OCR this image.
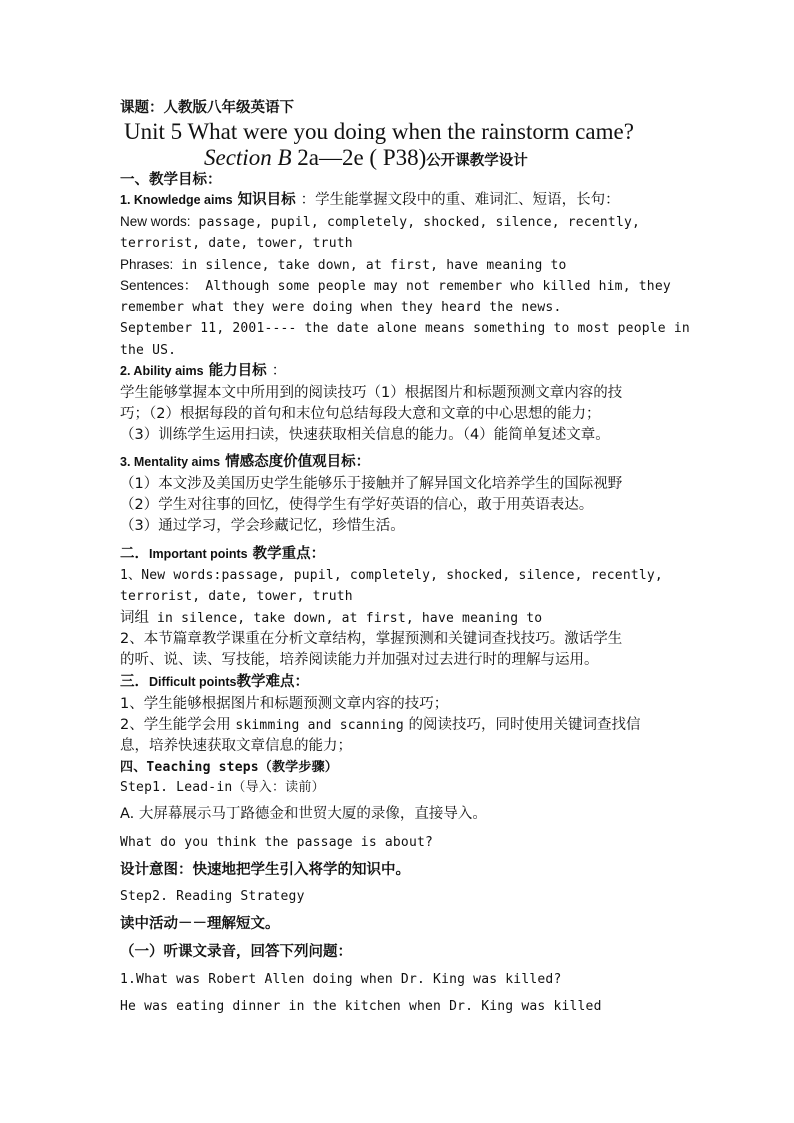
课题：人教版八年级英语下
Unit 5 What were you doing when the rainstorm came?
Section B 2a—2e ( P38)公开课教学设计
一、教学目标：
1. Knowledge aims 知识目标 ：学生能掌握文段中的重、难词汇、短语，长句：
New words: passage, pupil, completely, shocked, silence, recently,
terrorist, date, tower, truth
Phrases: in silence, take down, at first, have meaning to
Sentences： Although some people may not remember who killed him, they
remember what they were doing when they heard the news.
September 11, 2001---- the date alone means something to most people in
the US.
2. Ability aims 能力目标 ：
学生能够掌握本文中所用到的阅读技巧（1）根据图片和标题预测文章内容的技
巧；（2）根据每段的首句和末位句总结每段大意和文章的中心思想的能力；
（3）训练学生运用扫读，快速获取相关信息的能力。（4）能简单复述文章。
3. Mentality aims 情感态度价值观目标：
（1）本文涉及美国历史学生能够乐于接触并了解异国文化培养学生的国际视野
（2）学生对往事的回忆，使得学生有学好英语的信心，敢于用英语表达。
（3）通过学习，学会珍藏记忆，珍惜生活。
二．Important points 教学重点：
1、New words:passage, pupil, completely, shocked, silence, recently,
terrorist, date, tower, truth
词组 in silence, take down, at first, have meaning to
2、本节篇章教学课重在分析文章结构，掌握预测和关键词查找技巧。激话学生
的听、说、读、写技能，培养阅读能力并加强对过去进行时的理解与运用。
三．Difficult points教学难点：
1、学生能够根据图片和标题预测文章内容的技巧；
2、学生能学会用 skimming and scanning 的阅读技巧，同时使用关键词查找信
息，培养快速获取文章信息的能力；
四、Teaching steps（教学步骤）
Step1. Lead-in（导入：读前）
A. 大屏幕展示马丁路德金和世贸大厦的录像，直接导入。
What do you think the passage is about?
设计意图：快速地把学生引入将学的知识中。
Step2. Reading Strategy
读中活动－－理解短文。
（一）听课文录音，回答下列问题：
1.What was Robert Allen doing when Dr. King was killed?
He was eating dinner in the kitchen when Dr. King was killed
